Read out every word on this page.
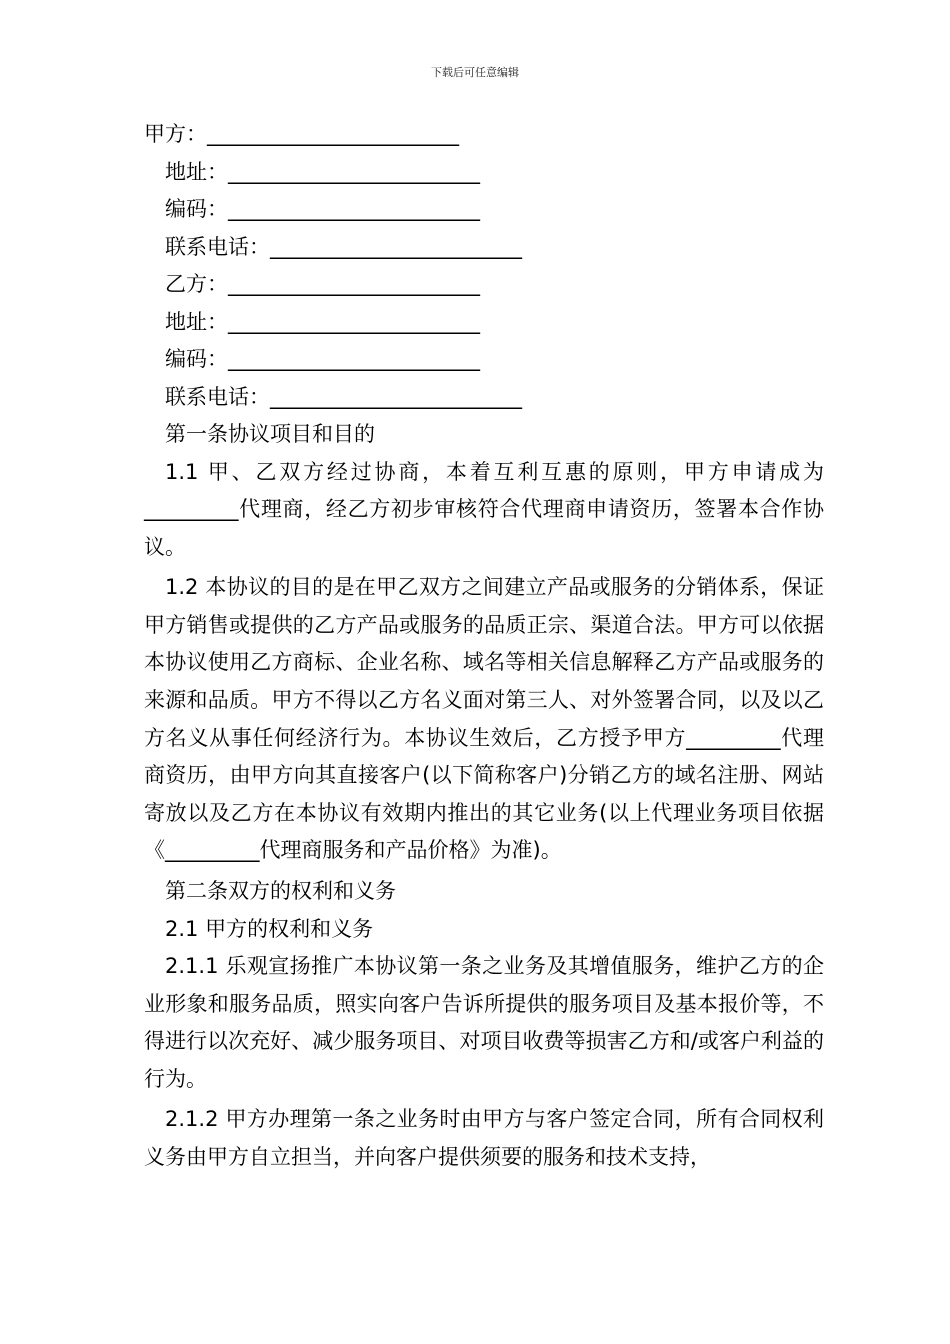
下载后可任意编辑
甲方：________________________
地址：________________________
编码：________________________
联系电话：________________________
乙方：________________________
地址：________________________
编码：________________________
联系电话：________________________
第一条协议项目和目的
1.1 甲、乙双方经过协商，本着互利互惠的原则，甲方申请成为_________代理商，经乙方初步审核符合代理商申请资历，签署本合作协议。
1.2 本协议的目的是在甲乙双方之间建立产品或服务的分销体系，保证甲方销售或提供的乙方产品或服务的品质正宗、渠道合法。甲方可以依据本协议使用乙方商标、企业名称、域名等相关信息解释乙方产品或服务的来源和品质。甲方不得以乙方名义面对第三人、对外签署合同，以及以乙方名义从事任何经济行为。本协议生效后，乙方授予甲方_________代理商资历，由甲方向其直接客户(以下简称客户)分销乙方的域名注册、网站寄放以及乙方在本协议有效期内推出的其它业务(以上代理业务项目依据《_________代理商服务和产品价格》为准)。
第二条双方的权利和义务
2.1 甲方的权利和义务
2.1.1 乐观宣扬推广本协议第一条之业务及其增值服务，维护乙方的企业形象和服务品质，照实向客户告诉所提供的服务项目及基本报价等，不得进行以次充好、减少服务项目、对项目收费等损害乙方和/或客户利益的行为。
2.1.2 甲方办理第一条之业务时由甲方与客户签定合同，所有合同权利义务由甲方自立担当，并向客户提供须要的服务和技术支持，
